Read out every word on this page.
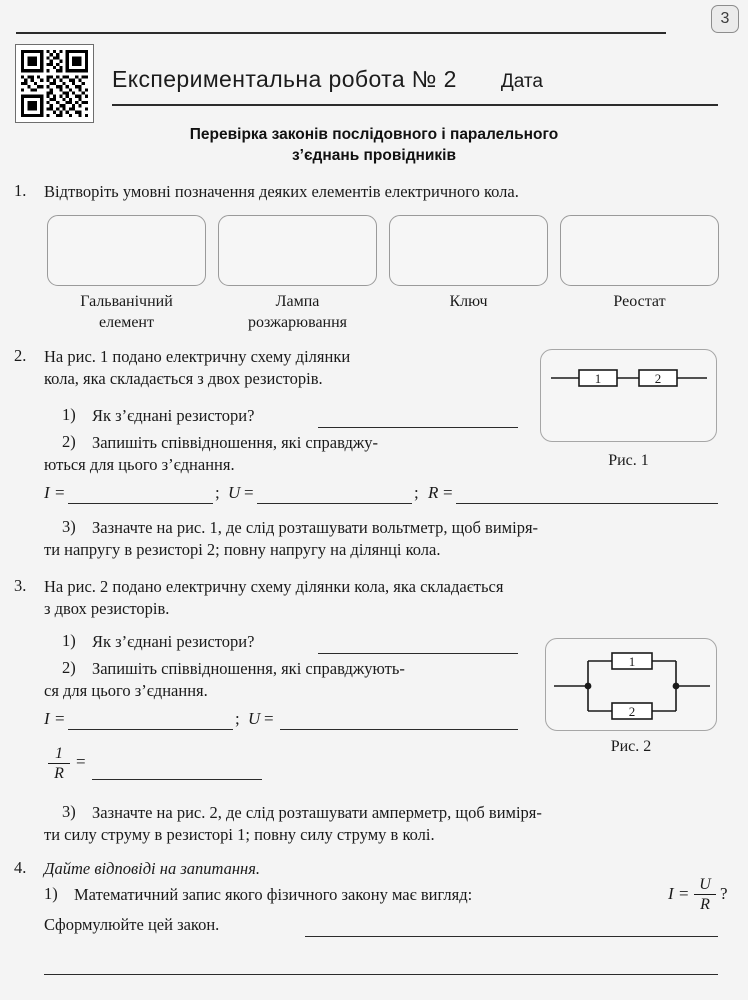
3
Експериментальна робота № 2 Дата
Перевірка законів послідовного і паралельного
з’єднань провідників
1. Відтворіть умовні позначення деяких елементів електричного кола.
Гальванічний
елемент
Лампа
розжарювання
Ключ	Реостат
2. На рис. 1 подано електричну схему ділянки
кола, яка складається з двох резисторів.
1) Як з’єднані резистори?
2) Запишіть співвідношення, які справджу-
ються для цього з’єднання.
I =	; U =	; R =
3) Зазначте на рис. 1, де слід розташувати вольтметр, щоб виміря-
ти напругу в резисторі 2; повну напругу на ділянці кола.
1	2
Рис. 1
3. На рис. 2 подано електричну схему ділянки кола, яка складається
з двох резисторів.
1) Як з’єднані резистори?
2) Запишіть співвідношення, які справджують-
ся для цього з’єднання.
I =	; U =
1
R
=
3) Зазначте на рис. 2, де слід розташувати амперметр, щоб виміря-
ти силу струму в резисторі 1; повну силу струму в колі.
1
2
Рис. 2
4. Дайте відповіді на запитання.
1) Математичний запис якого фізичного закону має вигляд:	I = U
R
?
Сформулюйте цей закон.
